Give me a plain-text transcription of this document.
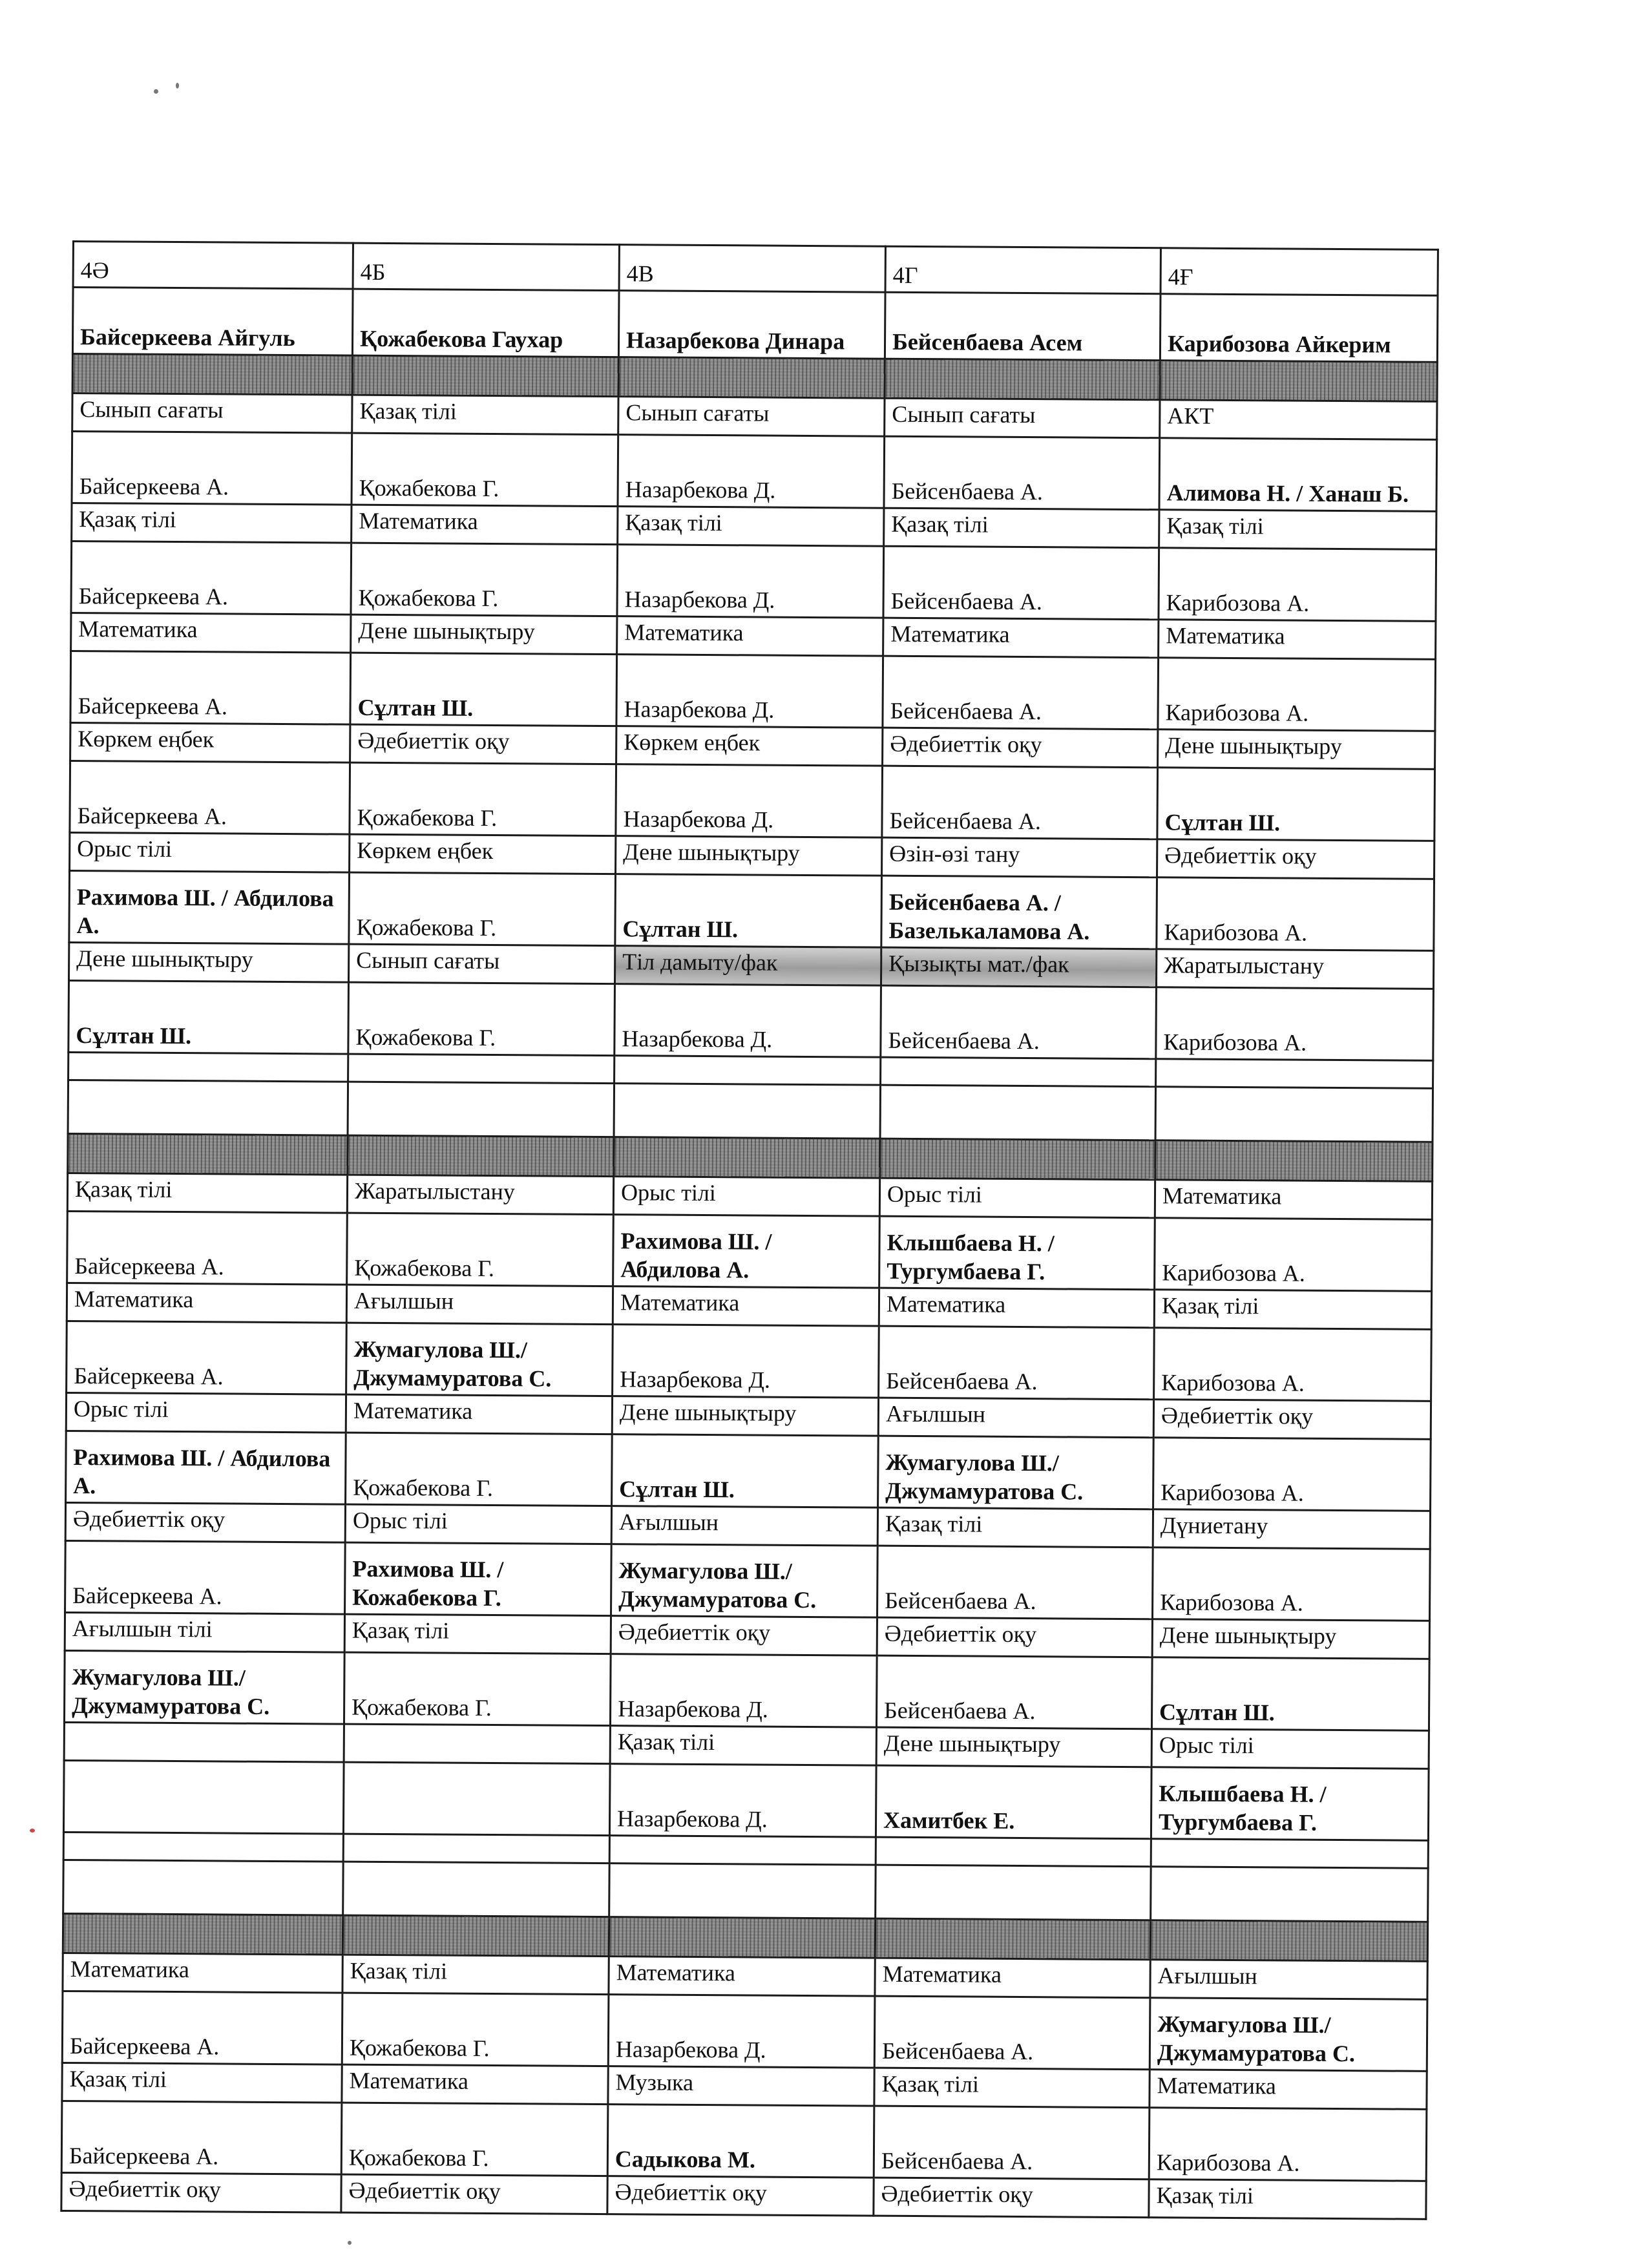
4Ә	4Б	4В	4Г	4Ғ
Байсеркеева Айгуль	Қожабекова Гаухар	Назарбекова Динара	Бейсенбаева Асем	Карибозова Айкерим

Сынып сағаты	Қазақ тілі	Сынып сағаты	Сынып сағаты	АКТ
Байсеркеева А.	Қожабекова Г.	Назарбекова Д.	Бейсенбаева А.	Алимова Н. / Ханаш Б.
Қазақ тілі	Математика	Қазақ тілі	Қазақ тілі	Қазақ тілі
Байсеркеева А.	Қожабекова Г.	Назарбекова Д.	Бейсенбаева А.	Карибозова А.
Математика	Дене шынықтыру	Математика	Математика	Математика
Байсеркеева А.	Сұлтан Ш.	Назарбекова Д.	Бейсенбаева А.	Карибозова А.
Көркем еңбек	Әдебиеттік оқу	Көркем еңбек	Әдебиеттік оқу	Дене шынықтыру
Байсеркеева А.	Қожабекова Г.	Назарбекова Д.	Бейсенбаева А.	Сұлтан Ш.
Орыс тілі	Көркем еңбек	Дене шынықтыру	Өзін-өзі тану	Әдебиеттік оқу
Рахимова Ш. / Абдилова А.	Қожабекова Г.	Сұлтан Ш.	Бейсенбаева А. / Базелькаламова А.	Карибозова А.
Дене шынықтыру	Сынып сағаты	Тіл дамыту/фак	Қызықты мат./фак	Жаратылыстану
Сұлтан Ш.	Қожабекова Г.	Назарбекова Д.	Бейсенбаева А.	Карибозова А.

Қазақ тілі	Жаратылыстану	Орыс тілі	Орыс тілі	Математика
Байсеркеева А.	Қожабекова Г.	Рахимова Ш. / Абдилова А.	Клышбаева Н. / Тургумбаева Г.	Карибозова А.
Математика	Ағылшын	Математика	Математика	Қазақ тілі
Байсеркеева А.	Жумагулова Ш./ Джумамуратова С.	Назарбекова Д.	Бейсенбаева А.	Карибозова А.
Орыс тілі	Математика	Дене шынықтыру	Ағылшын	Әдебиеттік оқу
Рахимова Ш. / Абдилова А.	Қожабекова Г.	Сұлтан Ш.	Жумагулова Ш./ Джумамуратова С.	Карибозова А.
Әдебиеттік оқу	Орыс тілі	Ағылшын	Қазақ тілі	Дүниетану
Байсеркеева А.	Рахимова Ш. / Кожабекова Г.	Жумагулова Ш./ Джумамуратова С.	Бейсенбаева А.	Карибозова А.
Ағылшын тілі	Қазақ тілі	Әдебиеттік оқу	Әдебиеттік оқу	Дене шынықтыру
Жумагулова Ш./ Джумамуратова С.	Қожабекова Г.	Назарбекова Д.	Бейсенбаева А.	Сұлтан Ш.
		Қазақ тілі	Дене шынықтыру	Орыс тілі
		Назарбекова Д.	Хамитбек Е.	Клышбаева Н. / Тургумбаева Г.

Математика	Қазақ тілі	Математика	Математика	Ағылшын
Байсеркеева А.	Қожабекова Г.	Назарбекова Д.	Бейсенбаева А.	Жумагулова Ш./ Джумамуратова С.
Қазақ тілі	Математика	Музыка	Қазақ тілі	Математика
Байсеркеева А.	Қожабекова Г.	Садыкова М.	Бейсенбаева А.	Карибозова А.
Әдебиеттік оқу	Әдебиеттік оқу	Әдебиеттік оқу	Әдебиеттік оқу	Қазақ тілі
